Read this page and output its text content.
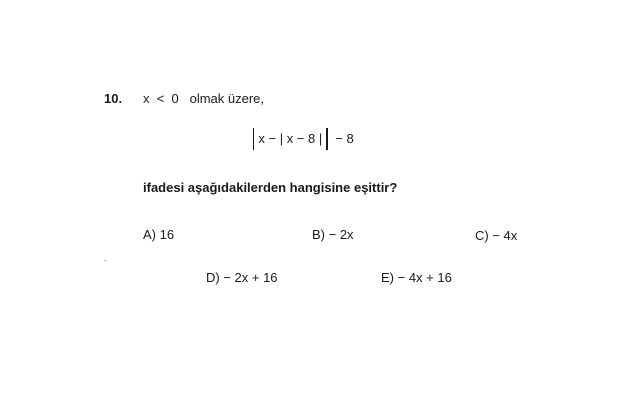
10. x  <  0   olmak üzere,
x − | x − 8 | − 8
ifadesi aşağıdakilerden hangisine eşittir?
A) 16	B) − 2x	C) − 4x
D) − 2x + 16	E) − 4x + 16
